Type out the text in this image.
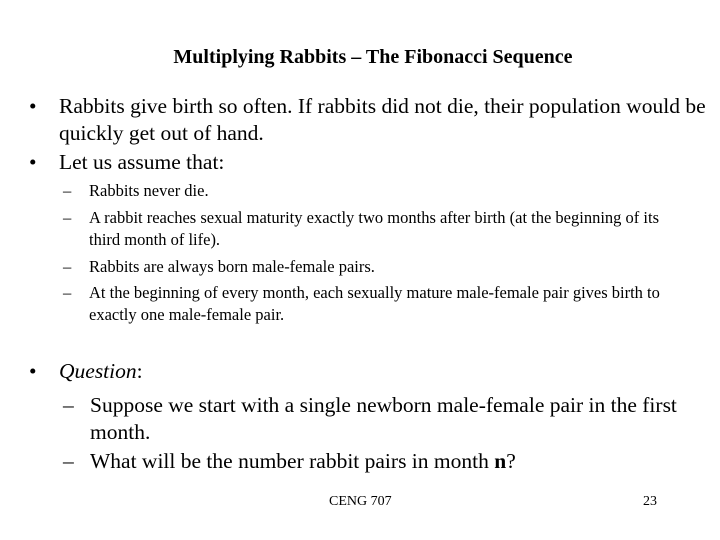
Multiplying Rabbits – The Fibonacci Sequence
•	Rabbits give birth so often. If rabbits did not die, their population would be quickly get out of hand.
•	Let us assume that:
–	Rabbits never die.
–	A rabbit reaches sexual maturity exactly two months after birth (at the beginning of its third month of life).
–	Rabbits are always born male-female pairs.
–	At the beginning of every month, each sexually mature male-female pair gives birth to exactly one male-female pair.
•	Question:
– Suppose we start with a single newborn male-female pair in the first month.
– What will be the number rabbit pairs in month n?
CENG 707	23
